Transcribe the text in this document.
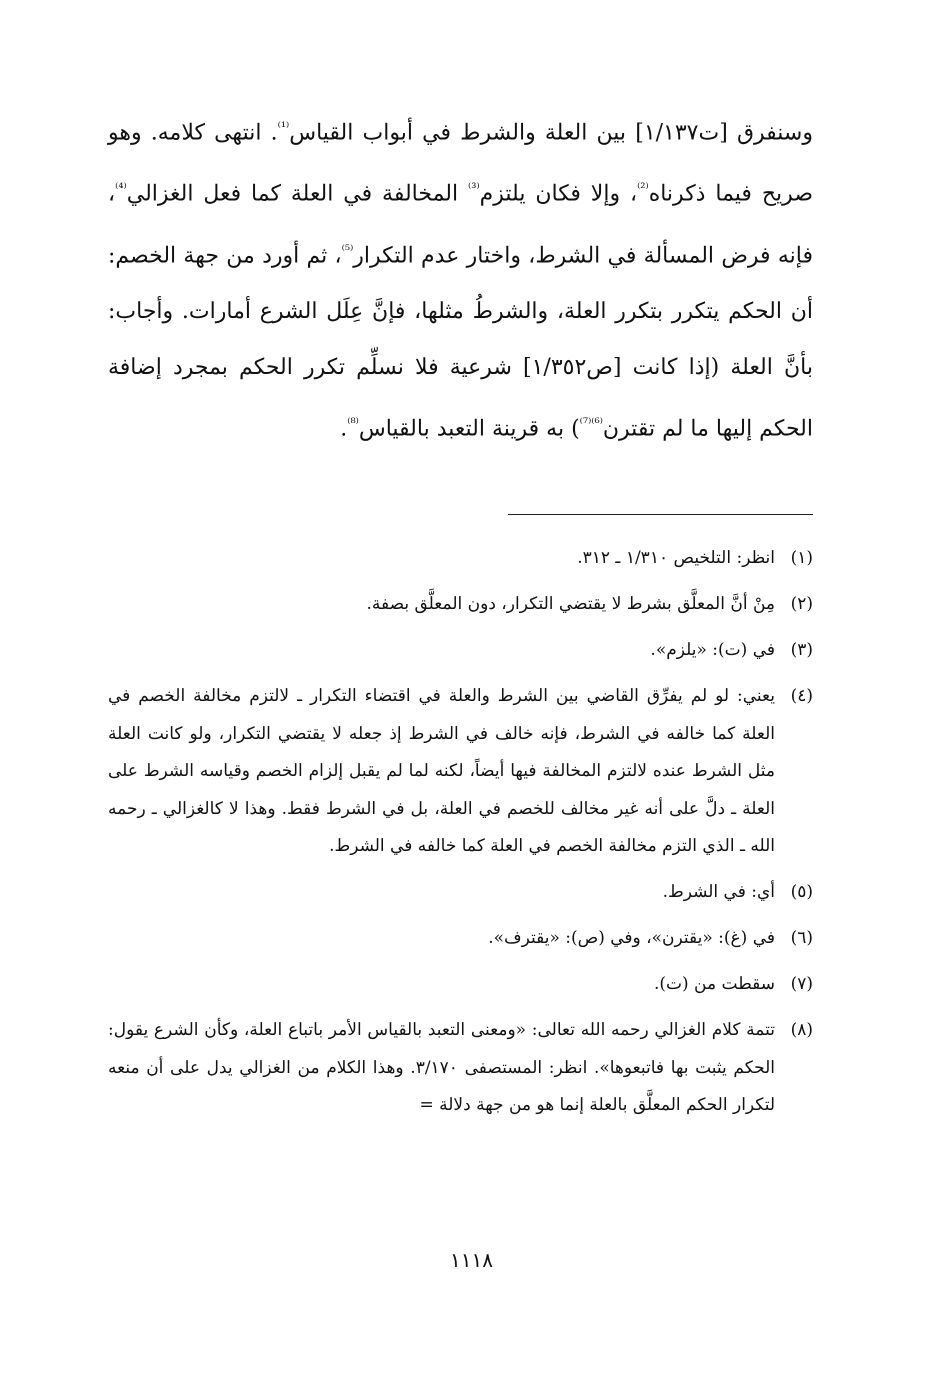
وسنفرق [ت١/١٣٧] بين العلة والشرط في أبواب القياس$^{^{(1)}}$. انتهى كلامه. وهو صريح فيما ذكرناه$^{^{(2)}}$، وإلا فكان يلتزم$^{^{(3)}}$ المخالفة في العلة كما فعل الغزالي$^{^{(4)}}$، فإنه فرض المسألة في الشرط، واختار عدم التكرار$^{^{(5)}}$، ثم أورد من جهة الخصم: أن الحكم يتكرر بتكرر العلة، والشرطُ مثلها، فإنَّ عِلَل الشرع أمارات. وأجاب: بأنَّ العلة (إذا كانت [ص١/٣٥٢] شرعية فلا نسلِّم تكرر الحكم بمجرد إضافة الحكم إليها ما لم تقترن$^{^{(6)(7)}}$) به قرينة التعبد بالقياس$^{^{(8)}}$.

(١)
انظر: التلخيص ١/٣١٠ ـ ٣١٢.
(٢)
مِنْ أنَّ المعلَّق بشرط لا يقتضي التكرار، دون المعلَّق بصفة.
(٣)
في (ت): «يلزم».
(٤)
يعني: لو لم يفرِّق القاضي بين الشرط والعلة في اقتضاء التكرار ـ لالتزم مخالفة الخصم في العلة كما خالفه في الشرط، فإنه خالف في الشرط إذ جعله لا يقتضي التكرار، ولو كانت العلة مثل الشرط عنده لالتزم المخالفة فيها أيضاً، لكنه لما لم يقبل إلزام الخصم وقياسه الشرط على العلة ـ دلَّ على أنه غير مخالف للخصم في العلة، بل في الشرط فقط. وهذا لا كالغزالي ـ رحمه الله ـ الذي التزم مخالفة الخصم في العلة كما خالفه في الشرط.
(٥)
أي: في الشرط.
(٦)
في (غ): «يقترن»، وفي (ص): «يقترف».
(٧)
سقطت من (ت).
(٨)
تتمة كلام الغزالي رحمه الله تعالى: «ومعنى التعبد بالقياس الأمر باتباع العلة، وكأن الشرع يقول: الحكم يثبت بها فاتبعوها». انظر: المستصفى ٣/١٧٠. وهذا الكلام من الغزالي يدل على أن منعه لتكرار الحكم المعلَّق بالعلة إنما هو من جهة دلالة =
١١١٨
